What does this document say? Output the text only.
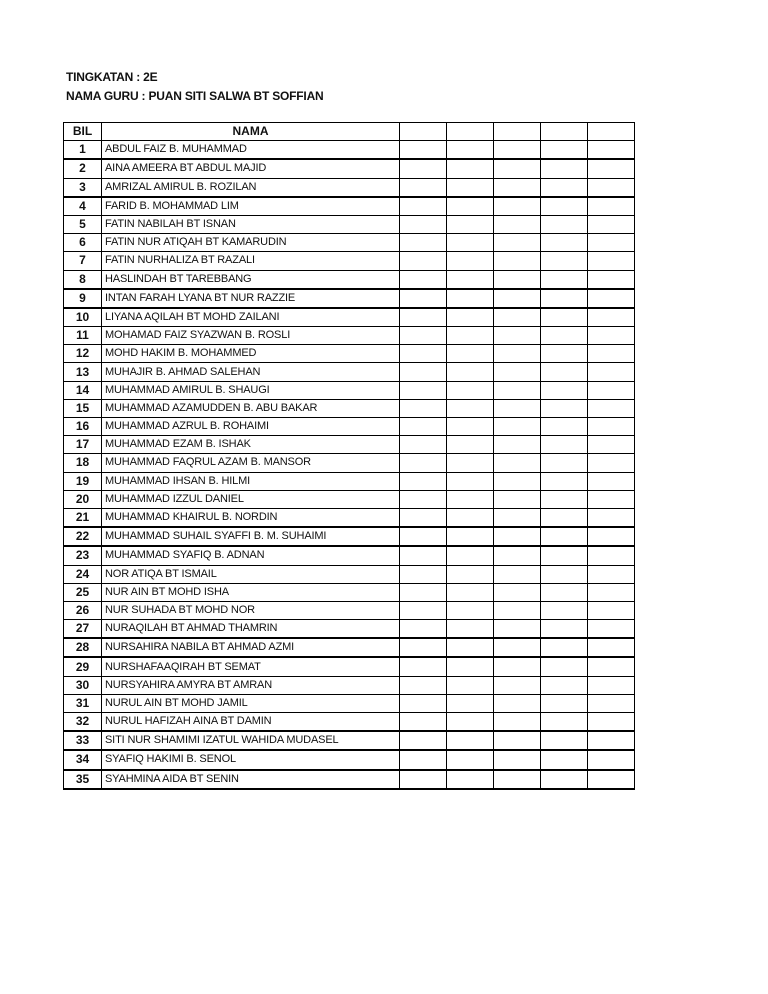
TINGKATAN : 2E
NAMA GURU : PUAN SITI SALWA BT SOFFIAN
BIL	NAMA					
1	ABDUL FAIZ B. MUHAMMAD					
2	AINA AMEERA BT ABDUL MAJID					
3	AMRIZAL AMIRUL B. ROZILAN					
4	FARID B. MOHAMMAD LIM					
5	FATIN NABILAH BT ISNAN					
6	FATIN NUR ATIQAH BT KAMARUDIN					
7	FATIN NURHALIZA BT RAZALI					
8	HASLINDAH BT TAREBBANG					
9	INTAN FARAH LYANA BT NUR RAZZIE					
10	LIYANA AQILAH BT MOHD ZAILANI					
11	MOHAMAD FAIZ SYAZWAN B. ROSLI					
12	MOHD HAKIM B. MOHAMMED					
13	MUHAJIR B. AHMAD SALEHAN					
14	MUHAMMAD AMIRUL B. SHAUGI					
15	MUHAMMAD AZAMUDDEN B. ABU BAKAR					
16	MUHAMMAD AZRUL B. ROHAIMI					
17	MUHAMMAD EZAM B. ISHAK					
18	MUHAMMAD FAQRUL AZAM B. MANSOR					
19	MUHAMMAD IHSAN B. HILMI					
20	MUHAMMAD IZZUL DANIEL					
21	MUHAMMAD KHAIRUL B. NORDIN					
22	MUHAMMAD SUHAIL SYAFFI B. M. SUHAIMI					
23	MUHAMMAD SYAFIQ B. ADNAN					
24	NOR ATIQA BT ISMAIL					
25	NUR AIN BT MOHD ISHA					
26	NUR SUHADA BT MOHD NOR					
27	NURAQILAH BT AHMAD THAMRIN					
28	NURSAHIRA NABILA BT AHMAD AZMI					
29	NURSHAFAAQIRAH BT SEMAT					
30	NURSYAHIRA AMYRA BT AMRAN					
31	NURUL AIN BT MOHD JAMIL					
32	NURUL HAFIZAH AINA BT DAMIN					
33	SITI NUR SHAMIMI IZATUL WAHIDA MUDASEL					
34	SYAFIQ HAKIMI B. SENOL					
35	SYAHMINA AIDA BT SENIN					
